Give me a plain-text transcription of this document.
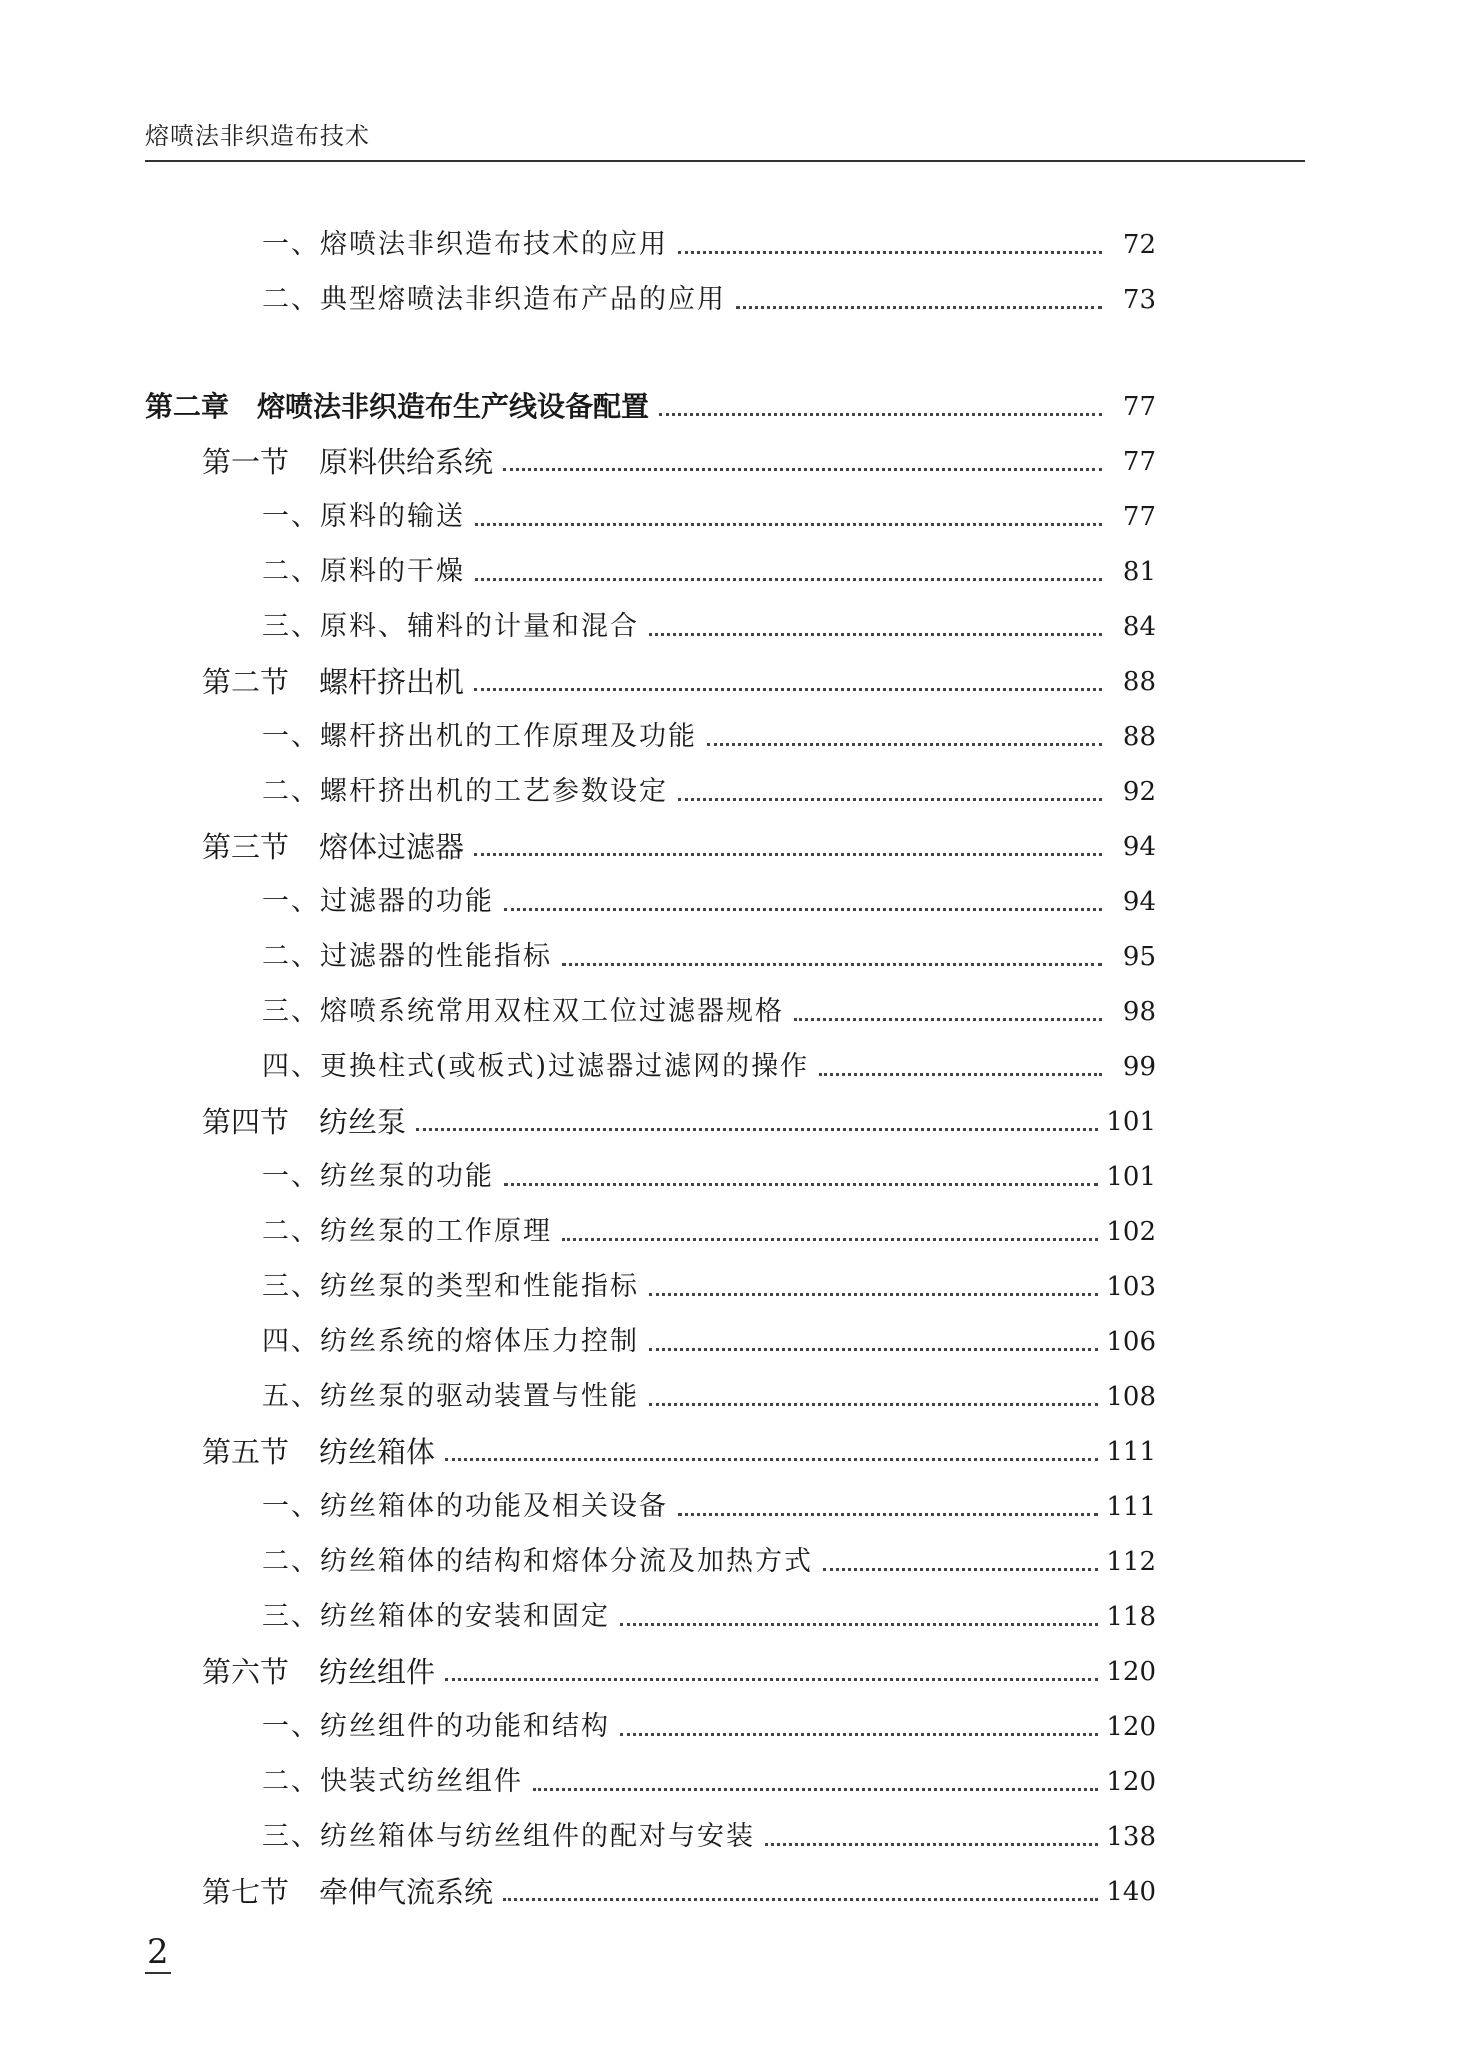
熔喷法非织造布技术
一、熔喷法非织造布技术的应用	72
二、典型熔喷法非织造布产品的应用	73
第二章 熔喷法非织造布生产线设备配置	77
第一节 原料供给系统	77
一、原料的输送	77
二、原料的干燥	81
三、原料、辅料的计量和混合	84
第二节 螺杆挤出机	88
一、螺杆挤出机的工作原理及功能	88
二、螺杆挤出机的工艺参数设定	92
第三节 熔体过滤器	94
一、过滤器的功能	94
二、过滤器的性能指标	95
三、熔喷系统常用双柱双工位过滤器规格	98
四、更换柱式(或板式)过滤器过滤网的操作	99
第四节 纺丝泵	101
一、纺丝泵的功能	101
二、纺丝泵的工作原理	102
三、纺丝泵的类型和性能指标	103
四、纺丝系统的熔体压力控制	106
五、纺丝泵的驱动装置与性能	108
第五节 纺丝箱体	111
一、纺丝箱体的功能及相关设备	111
二、纺丝箱体的结构和熔体分流及加热方式	112
三、纺丝箱体的安装和固定	118
第六节 纺丝组件	120
一、纺丝组件的功能和结构	120
二、快装式纺丝组件	120
三、纺丝箱体与纺丝组件的配对与安装	138
第七节 牵伸气流系统	140
2
